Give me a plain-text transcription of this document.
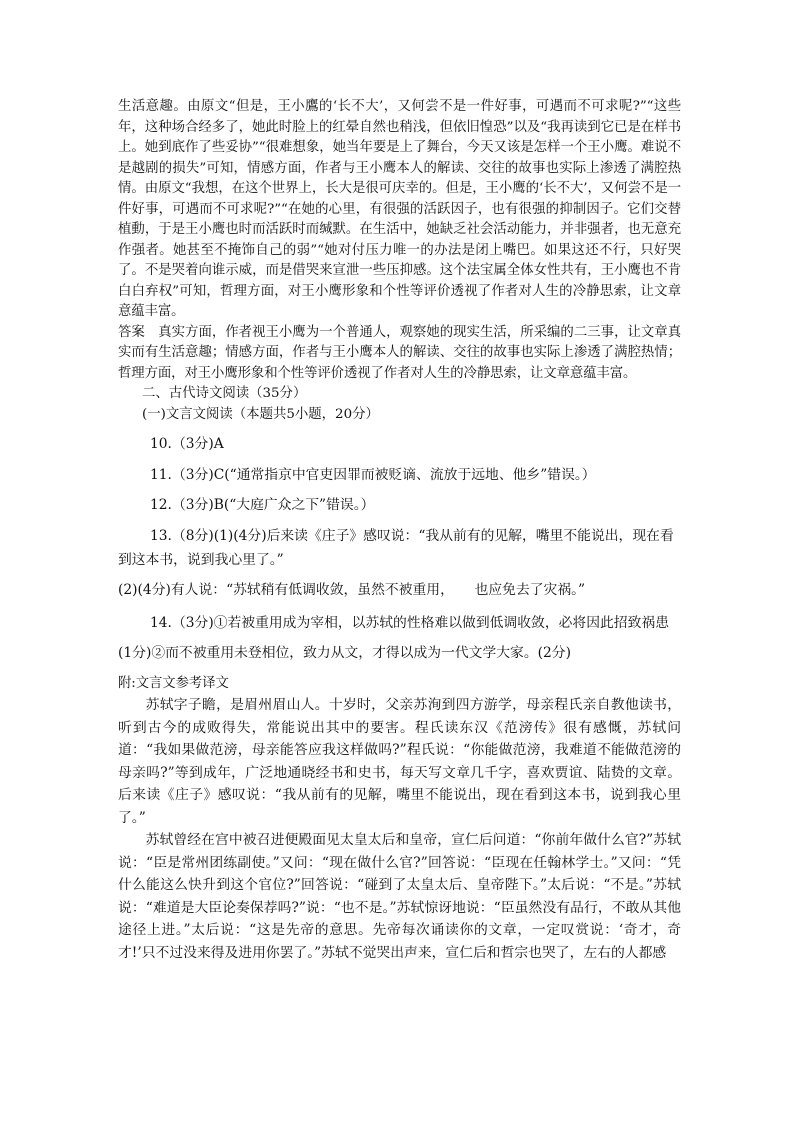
生活意趣。由原文“但是，王小鷹的‘长不大’，又何尝不是一件好事，可遇而不可求呢?”“这些年，这种场合经多了，她此时脸上的红晕自然也稍浅，但依旧惶恐”以及“我再读到它已是在样书上。她到底作了些妥协”“很难想象，她当年要是上了舞台，今天又该是怎样一个王小鹰。难说不是越剧的损失”可知，情感方面，作者与王小鹰本人的解读、交往的故事也实际上渗透了满腔热情。由原文“我想，在这个世界上，长大是很可庆幸的。但是，王小鹰的‘长不大’，又何尝不是一件好事，可遇而不可求呢?”“在她的心里，有很强的活跃因子，也有很强的抑制因子。它们交替植動，于是王小鹰也时而活跃时而缄默。在生活中，她缺乏社会活动能力，并非强者，也无意充作强者。她甚至不掩饰自己的弱”“她对付压力唯一的办法是闭上嘴巴。如果这还不行，只好哭了。不是哭着向谁示威，而是借哭来宣泄一些压抑感。这个法宝属全体女性共有，王小鹰也不肯白白弃权”可知，哲理方面，对王小鹰形象和个性等评价透视了作者对人生的冷静思索，让文章意蕴丰富。

答案　真实方面，作者视王小鹰为一个普通人，观察她的现实生活，所采编的二三事，让文章真实而有生活意趣；情感方面，作者与王小鹰本人的解读、交往的故事也实际上渗透了满腔热情；哲理方面，对王小鹰形象和个性等评价透视了作者对人生的冷静思索，让文章意蕴丰富。

二、古代诗文阅读（35分）

(一)文言文阅读（本题共5小题，20分）

10.（3分)A

11.（3分)C(“通常指京中官吏因罪而被贬谪、流放于远地、他乡”错误。）

12.（3分)B(“大庭广众之下”错误。）

13.（8分)(1)(4分)后来读《庄子》感叹说：“我从前有的见解，嘴里不能说出，现在看到这本书，说到我心里了。”

(2)(4分)有人说：“苏轼稍有低调收敛，虽然不被重用，　　也应免去了灾祸。”

14.（3分)①若被重用成为宰相，以苏轼的性格难以做到低调收敛，必将因此招致祸患(1分)②而不被重用未登相位，致力从文，才得以成为一代文学大家。(2分)

附:文言文参考译文

苏轼字子瞻，是眉州眉山人。十岁时，父亲苏洵到四方游学，母亲程氏亲自教他读书，听到古今的成败得失，常能说出其中的要害。程氏读东汉《范滂传》很有感慨，苏轼问道：“我如果做范滂，母亲能答应我这样做吗?”程氏说：“你能做范滂，我难道不能做范滂的母亲吗?”等到成年，广泛地通晓经书和史书，每天写文章几千字，喜欢贾谊、陆贽的文章。后来读《庄子》感叹说：“我从前有的见解，嘴里不能说出，现在看到这本书，说到我心里了。”

苏轼曾经在宫中被召进便殿面见太皇太后和皇帝，宣仁后问道：“你前年做什么官?”苏轼说：“臣是常州团练副使。”又问：“现在做什么官?”回答说：“臣现在任翰林学士。”又问：“凭什么能这么快升到这个官位?”回答说：“碰到了太皇太后、皇帝陛下。”太后说：“不是。”苏轼说：“难道是大臣论奏保荐吗?”说：“也不是。”苏轼惊讶地说：“臣虽然没有品行，不敢从其他途径上进。”太后说：“这是先帝的意思。先帝每次诵读你的文章，一定叹赏说：‘奇才，奇才!’只不过没来得及进用你罢了。”苏轼不觉哭出声来，宣仁后和哲宗也哭了，左右的人都感
